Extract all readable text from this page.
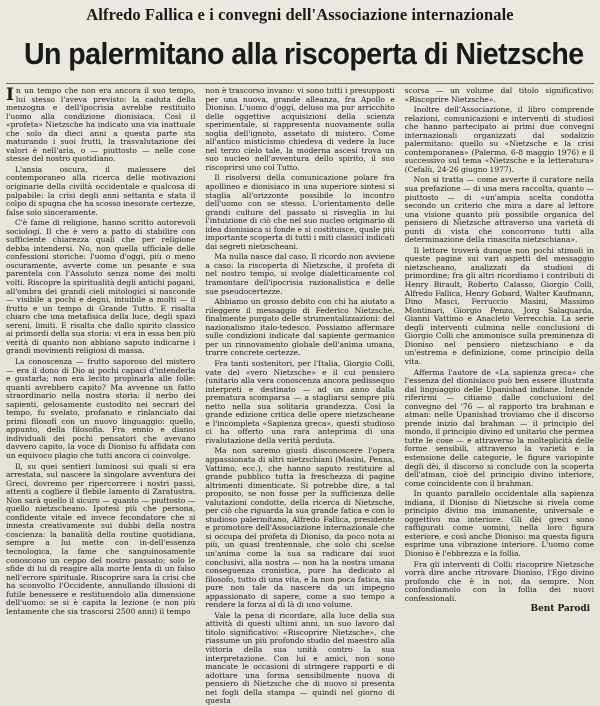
Alfredo Fallica e i convegni dell'Associazione internazionale
Un palermitano alla riscoperta di Nietzsche

In un tempo che non era ancora il suo tempo, lui stesso l'aveva previsto: la caduta della menzogna e dell'ipocrisia avrebbe restituito l'uomo alla condizione dionisiaca. Così il «profeta» Nietzsche ha indicato una via inattuale che solo da dieci anni a questa parte sta maturando i suoi frutti, la trasvalutazione dei valori è nell'aria, o — piuttosto — nelle cose stesse del nostro quotidiano.

L'ansia oscura, il malessere del contemporaneo alla ricerca delle motivazioni originarie della civiltà occidentale e qualcosa di palpabile: la crisi degli anni settanta e stata il colpo di spugna che ha scosso inesorate certezze, false solo sinceramente.

C'è fame di religione, hanno scritto autorevoli sociologi. Il che è vero a patto di stabilire con sufficiente chiarezza quali che per religione debba intendersi. No, non quella ufficiale delle confessioni storiche: l'uomo d'oggi, più o meno oscuramente, avverte come un pesante e sua parentela con l'Assoluto senza nome dei molti volti. Riscopre la spiritualità degli antichi pagani, all'ombra dei grandi cieli mitologici si nasconde — visibile a pochi e degni, intuibile a molti — il frutto e un tempo di Grande Tutto. E risalta chiaro che una metafisica della luce, degli spazi sereni, limiti. E risalta che dallo spirito classico ai primordi della sua storia: vi era in essa ben più verità di quanto non abbiano saputo indicarne i grandi movimenti religiosi di massa.

La conoscenza — frutto saporoso del mistero — era il dono di Dio ai pochi capaci d'intenderla e gustarla; non era lecito propinarla alle folle: quanti avrebbero capito? Ma avvenne un fatto straordinario nella nostra storia: il nerbo dei sapienti, gelosamente custodito nei secrari del tempo, fu svelato, profanato e rinlanciato dai primi filosofi con un nuovo linguaggio: quello, appunto, della filosofia. Fra ennio e dianoi individuali dei pochi pensatori che avevano davvero capito, la voce di Dioniso fu affidata con un equivoco plagio che tutti ancora ci coinvolge.

Il, su quei sentieri luminosi sui quali si era arrestata, sul nascere la singolare avventura dei Greci, dovremo per ripercorrere i nostri passi, attenti a cogliere il flebile lamento di Zaratustra. Non sarà quello il sicuro — quanto — piuttosto — quello nietzscheano. Ipotesi più che persona, confidente vitale ed invece fecondatore che si innesta creativamente sui dubbi della nostra coscienza: la banalità della routine quotidiana, sempre a lui mette con in-dell'essenza tecnologica, la fame che sanguinosamente conoscono un ceppo del nostro passato; solo le sfide di lui di reagire alla morte lenta di un falso nell'errore spirituale. Riscoprire sara la crisi che ha sconvolto l'Occidente, annullando illusioni di futile benessere e restituendolo alla dimensione dell'uomo: se si è capita la lezione (e non più lentamente che sia trascorsi 2500 anni) il tempo

non è trascorso invano: vi sono tutti i presupposti per una nuova, grande alleanza, fra Apollo e Dioniso. L'uomo d'oggi, deluso ma pur arricchito delle oggettive acquisizioni della scienza sperimentale, si rappresenta nuovamente sulla soglia dell'ignoto, assetato di mistero. Come all'antico misticismo chiedeva di vedere la luce nel terzo cielo tale, la moderna ascesi trova un suo nucleo nell'avventura dello spirito, il suo riscoprirsi uno col Tutto.

Il risolversi della comunicazione polare fra apollineo e dionisiaco in una superiore sintesi si staglia all'orizzonte possibile lo incontro dell'uomo con se stesso. L'orientamento delle grandi culture del passato si risveglia in lui l'intuizione di ciò che nel suo nucleo originario di idea dionisiaca si fonde e si costituisce, quale più importante scoperta di tutti i miti classici indicati dai segreti nietzscheani.

Ma nulla nasce dal caso. Il ricordo non avviene a caso: la riscoperta di Nietzsche, il profeta di nel nostro tempo, si svolge dialetticamente col tramontare dell'ipocrisia razionalistica e delle sue pseudocertezze.

Abbiamo un grosso debito con chi ha aiutato a rileggere il messaggio di Federico Nietzsche, finalmente purgato delle strumentalizzazioni: del nazionalismo italo-tedesco. Possiamo affermare sulle condizioni indicate dal sapiente germanico per un rinnovamento globale dell'anima umana, trarre concrete certezze.

Fra tanti sostenitori, per l'Italia, Giorgio Colli, vate del «vero Nietzsche» e il cui pensiero (unitario alla vera conoscenza ancora pedissequo interpreti e destinato — ad un anno dalla prematura scomparsa — a stagliarsi sempre più netto nella sua solitaria grandezza. Così la grande edizione critica delle opere nietzscheane e l'incompleta «Sapienza greca», questi studioso ci ha offerto una rara anteprima di una rivalutazione della verità perduta.

Ma non saremo giusti disconoscere l'opera appassionata di altri nietzschiani (Masini, Penna, Vattimo, ecc.), che hanno saputo restituire al grande pubblico tutta la freschezza di pagine altrimenti dimenticate. Si potrebbe dire, a tal proposito, se non fosse per la sufficienza delle valutazioni condotte, della ricerca di Nietzsche, per ciò che riguarda la sua grande fatica e con lo studioso palermitano, Alfredo Fallica, presidente e promotore dell'Associazione internazionale che si occupa del profeta di Dioniso, da poco nota ai più, un quasi trentennale, che solo chi scelse un'anima come la sua sa radicare dai suoi conclusivi, alla nostra — non ha la nostra umana conseguenza cronistica, pure ha dedicato al filosofo, tutto di una vita, e la non poca fatica, sia pure non tale da nascere da un impegno appassionato di sapere, come a suo tempo a rendere la forza al di là di uno volume.

Vale la pena di ricordare, alla luce della sua attività di questi ultimi anni, un suo lavoro dal titolo significativo: «Riscoprire Nietzsche», che riassume un più profondo studio del maestro alla vittoria della sua unità contro la sua interpretazione. Con lui e amici, non sono mancate le occasioni di stringere rapporti e di adottare una forma sensibilmente nuova di pensiero di Nietzsche che di nuovo si presenta nei fogli della stampa — quindi nel giorno di questa

scorsa — un volume dal titolo significativo: «Riscoprire Nietzsche».

Inoltre dell'Associazione, il libro comprende relazioni, comunicazioni e interventi di studiosi che hanno partecipato ai primi due convegni internazionali organizzati dal sodalizio palermitano: quello su «Nietzsche e la crisi contemporanea» (Palermo, 6-8 maggio 1976) e il successivo sul tema «Nietzsche e la letteratura» (Cefalù, 24-26 giugno 1977).

Non si tratta — come avverte il curatore nella sua prefazione — di una mera raccolta, quanto — piuttosto — di «un'ampia scelta condotta secondo un criterio che mira a dare al lettore una visione quanto più possibile organica del pensiero di Nietzsche attraverso una varietà di punti di vista che concorrono tutti alla determinazione della rinascita nietzschiana».

Il lettore troverà dunque non pochi stimoli in queste pagine sui vari aspetti del messaggio nietzscheano, analizzati da studiosi di primordine; fra gli altri ricordiamo i contributi di Henry Birault, Roberto Calasso, Giorgio Colli, Alfredo Fallica, Henry Gobard, Walter Kaufmann, Dino Masci, Ferruccio Masini, Massimo Montinari, Giorgio Penzo, Jorg Salaquarda, Gianni Vattimo e Anacleto Verrecchia. La serie degli interventi culmina nelle conclusioni di Giorgio Colli che ammonisce sulla preminenza di Dioniso nel pensiero nietzschiano e da un'estrema e definizione, come principio della vita.

Afferma l'autore de «La sapienza greca» che l'essenza del dionisiaco può ben essere illustrata dal linguaggio delle Upanishad indiane. Intende riferirmi — citiamo dalle conclusioni del convegno del '76 — al rapporto tra brahman e atman: nelle Upanishad troviamo che il discorso prende inizio dal brahman — il principio del mondo, il principio divino ed unitario che permea tutte le cose — e attraverso la molteplicità delle forme sensibili, attraverso la varietà e la estensione delle categorie, le figure variopinte degli dèi, il discorso si conclude con la scoperta dell'atman, cioè del principio divino interiore, come coincidente con il brahman.

In quanto parallelo occidentale alla sapienza indiana, il Dioniso di Nietzsche si rivela come principio divino ma immanente, universale e oggettivo ma interiore. Gli dèi greci sono raffigurati come uomini, nella loro figura esteriore, e così anche Dioniso: ma questa figura esprime una vibrazione interiore. L'uomo come Dioniso è l'ebbrezza e la follia.

Fra gli interventi di Colli: riscoprire Nietzsche vorrà dire anche ritrovare Dioniso, l'Ego divino profondo che è in noi, da sempre. Non confondiamolo con la follia dei nuovi confessionali.

Bent Parodi
